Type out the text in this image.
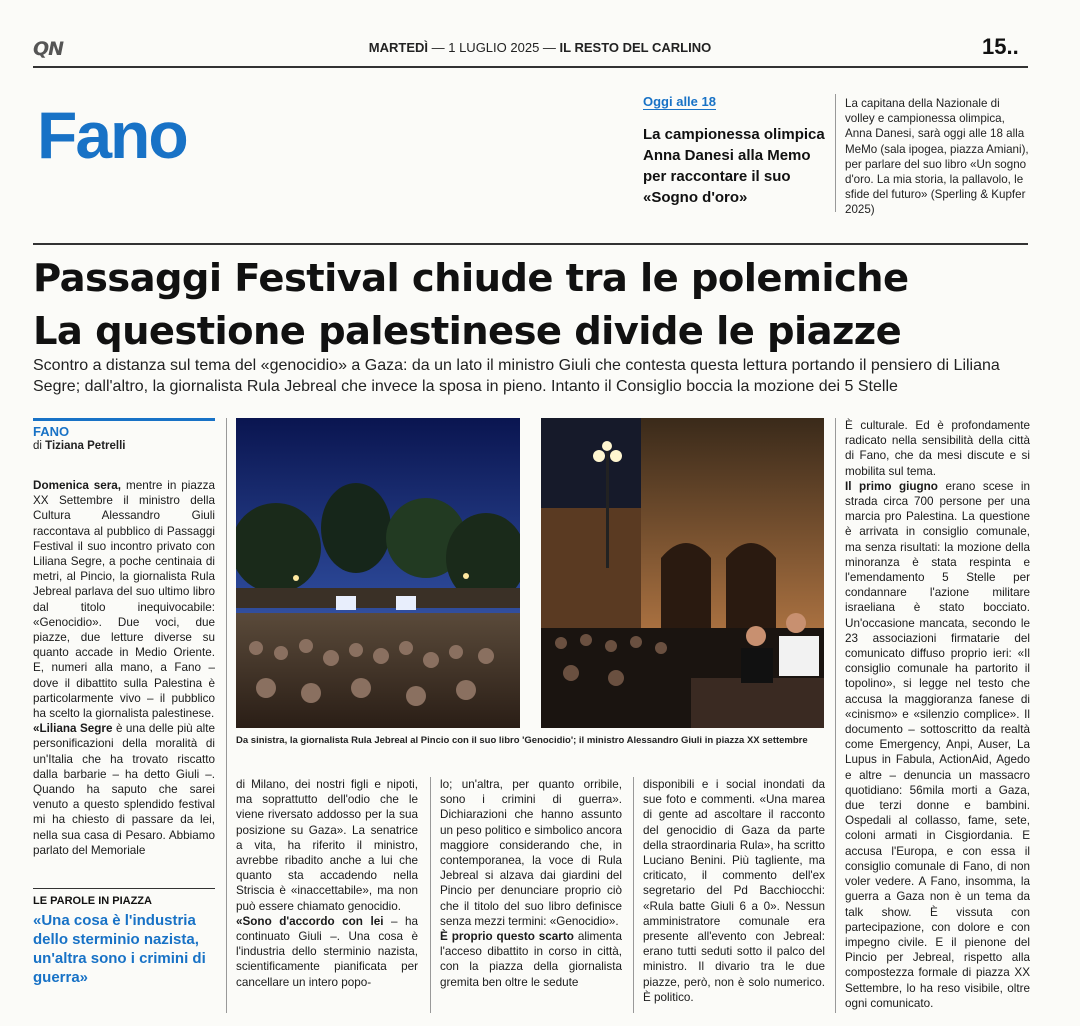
QN	MARTEDÌ — 1 LUGLIO 2025 — IL RESTO DEL CARLINO	15..
Fano	Oggi alle 18
La campionessa olimpica Anna Danesi alla Memo per raccontare il suo «Sogno d'oro»
La capitana della Nazionale di volley e campionessa olimpica, Anna Danesi, sarà oggi alle 18 alla MeMo (sala ipogea, piazza Amiani), per parlare del suo libro «Un sogno d'oro. La mia storia, la pallavolo, le sfide del futuro» (Sperling & Kupfer 2025)
Passaggi Festival chiude tra le polemiche
La questione palestinese divide le piazze
Scontro a distanza sul tema del «genocidio» a Gaza: da un lato il ministro Giuli che contesta questa lettura portando il pensiero di Liliana Segre; dall'altro, la giornalista Rula Jebreal che invece la sposa in pieno. Intanto il Consiglio boccia la mozione dei 5 Stelle
FANO
di Tiziana Petrelli
Domenica sera, mentre in piazza XX Settembre il ministro della Cultura Alessandro Giuli raccontava al pubblico di Passaggi Festival il suo incontro privato con Liliana Segre, a poche centinaia di metri, al Pincio, la giornalista Rula Jebreal parlava del suo ultimo libro dal titolo inequivocabile: «Genocidio». Due voci, due piazze, due letture diverse su quanto accade in Medio Oriente. E, numeri alla mano, a Fano – dove il dibattito sulla Palestina è particolarmente vivo – il pubblico ha scelto la giornalista palestinese.
«Liliana Segre è una delle più alte personificazioni della moralità di un'Italia che ha trovato riscatto dalla barbarie – ha detto Giuli –. Quando ha saputo che sarei venuto a questo splendido festival mi ha chiesto di passare da lei, nella sua casa di Pesaro. Abbiamo parlato del Memoriale
LE PAROLE IN PIAZZA
«Una cosa è l'industria dello sterminio nazista, un'altra sono i crimini di guerra»
Da sinistra, la giornalista Rula Jebreal al Pincio con il suo libro 'Genocidio'; il ministro Alessandro Giuli in piazza XX settembre
di Milano, dei nostri figli e nipoti, ma soprattutto dell'odio che le viene riversato addosso per la sua posizione su Gaza». La senatrice a vita, ha riferito il ministro, avrebbe ribadito anche a lui che quanto sta accadendo nella Striscia è «inaccettabile», ma non può essere chiamato genocidio.
«Sono d'accordo con lei – ha continuato Giuli –. Una cosa è l'industria dello sterminio nazista, scientificamente pianificata per cancellare un intero popo-
lo; un'altra, per quanto orribile, sono i crimini di guerra». Dichiarazioni che hanno assunto un peso politico e simbolico ancora maggiore considerando che, in contemporanea, la voce di Rula Jebreal si alzava dai giardini del Pincio per denunciare proprio ciò che il titolo del suo libro definisce senza mezzi termini: «Genocidio».
È proprio questo scarto alimenta l'acceso dibattito in corso in città, con la piazza della giornalista gremita ben oltre le sedute
disponibili e i social inondati da sue foto e commenti. «Una marea di gente ad ascoltare il racconto del genocidio di Gaza da parte della straordinaria Rula», ha scritto Luciano Benini. Più tagliente, ma criticato, il commento dell'ex segretario del Pd Bacchiocchi: «Rula batte Giuli 6 a 0». Nessun amministratore comunale era presente all'evento con Jebreal: erano tutti seduti sotto il palco del ministro. Il divario tra le due piazze, però, non è solo numerico. È politico.
È culturale. Ed è profondamente radicato nella sensibilità della città di Fano, che da mesi discute e si mobilita sul tema.
Il primo giugno erano scese in strada circa 700 persone per una marcia pro Palestina. La questione è arrivata in consiglio comunale, ma senza risultati: la mozione della minoranza è stata respinta e l'emendamento 5 Stelle per condannare l'azione militare israeliana è stato bocciato. Un'occasione mancata, secondo le 23 associazioni firmatarie del comunicato diffuso proprio ieri: «Il consiglio comunale ha partorito il topolino», si legge nel testo che accusa la maggioranza fanese di «cinismo» e «silenzio complice». Il documento – sottoscritto da realtà come Emergency, Anpi, Auser, La Lupus in Fabula, ActionAid, Agedo e altre – denuncia un massacro quotidiano: 56mila morti a Gaza, due terzi donne e bambini. Ospedali al collasso, fame, sete, coloni armati in Cisgiordania. E accusa l'Europa, e con essa il consiglio comunale di Fano, di non voler vedere. A Fano, insomma, la guerra a Gaza non è un tema da talk show. È vissuta con partecipazione, con dolore e con impegno civile. E il pienone del Pincio per Jebreal, rispetto alla compostezza formale di piazza XX Settembre, lo ha reso visibile, oltre ogni comunicato.
